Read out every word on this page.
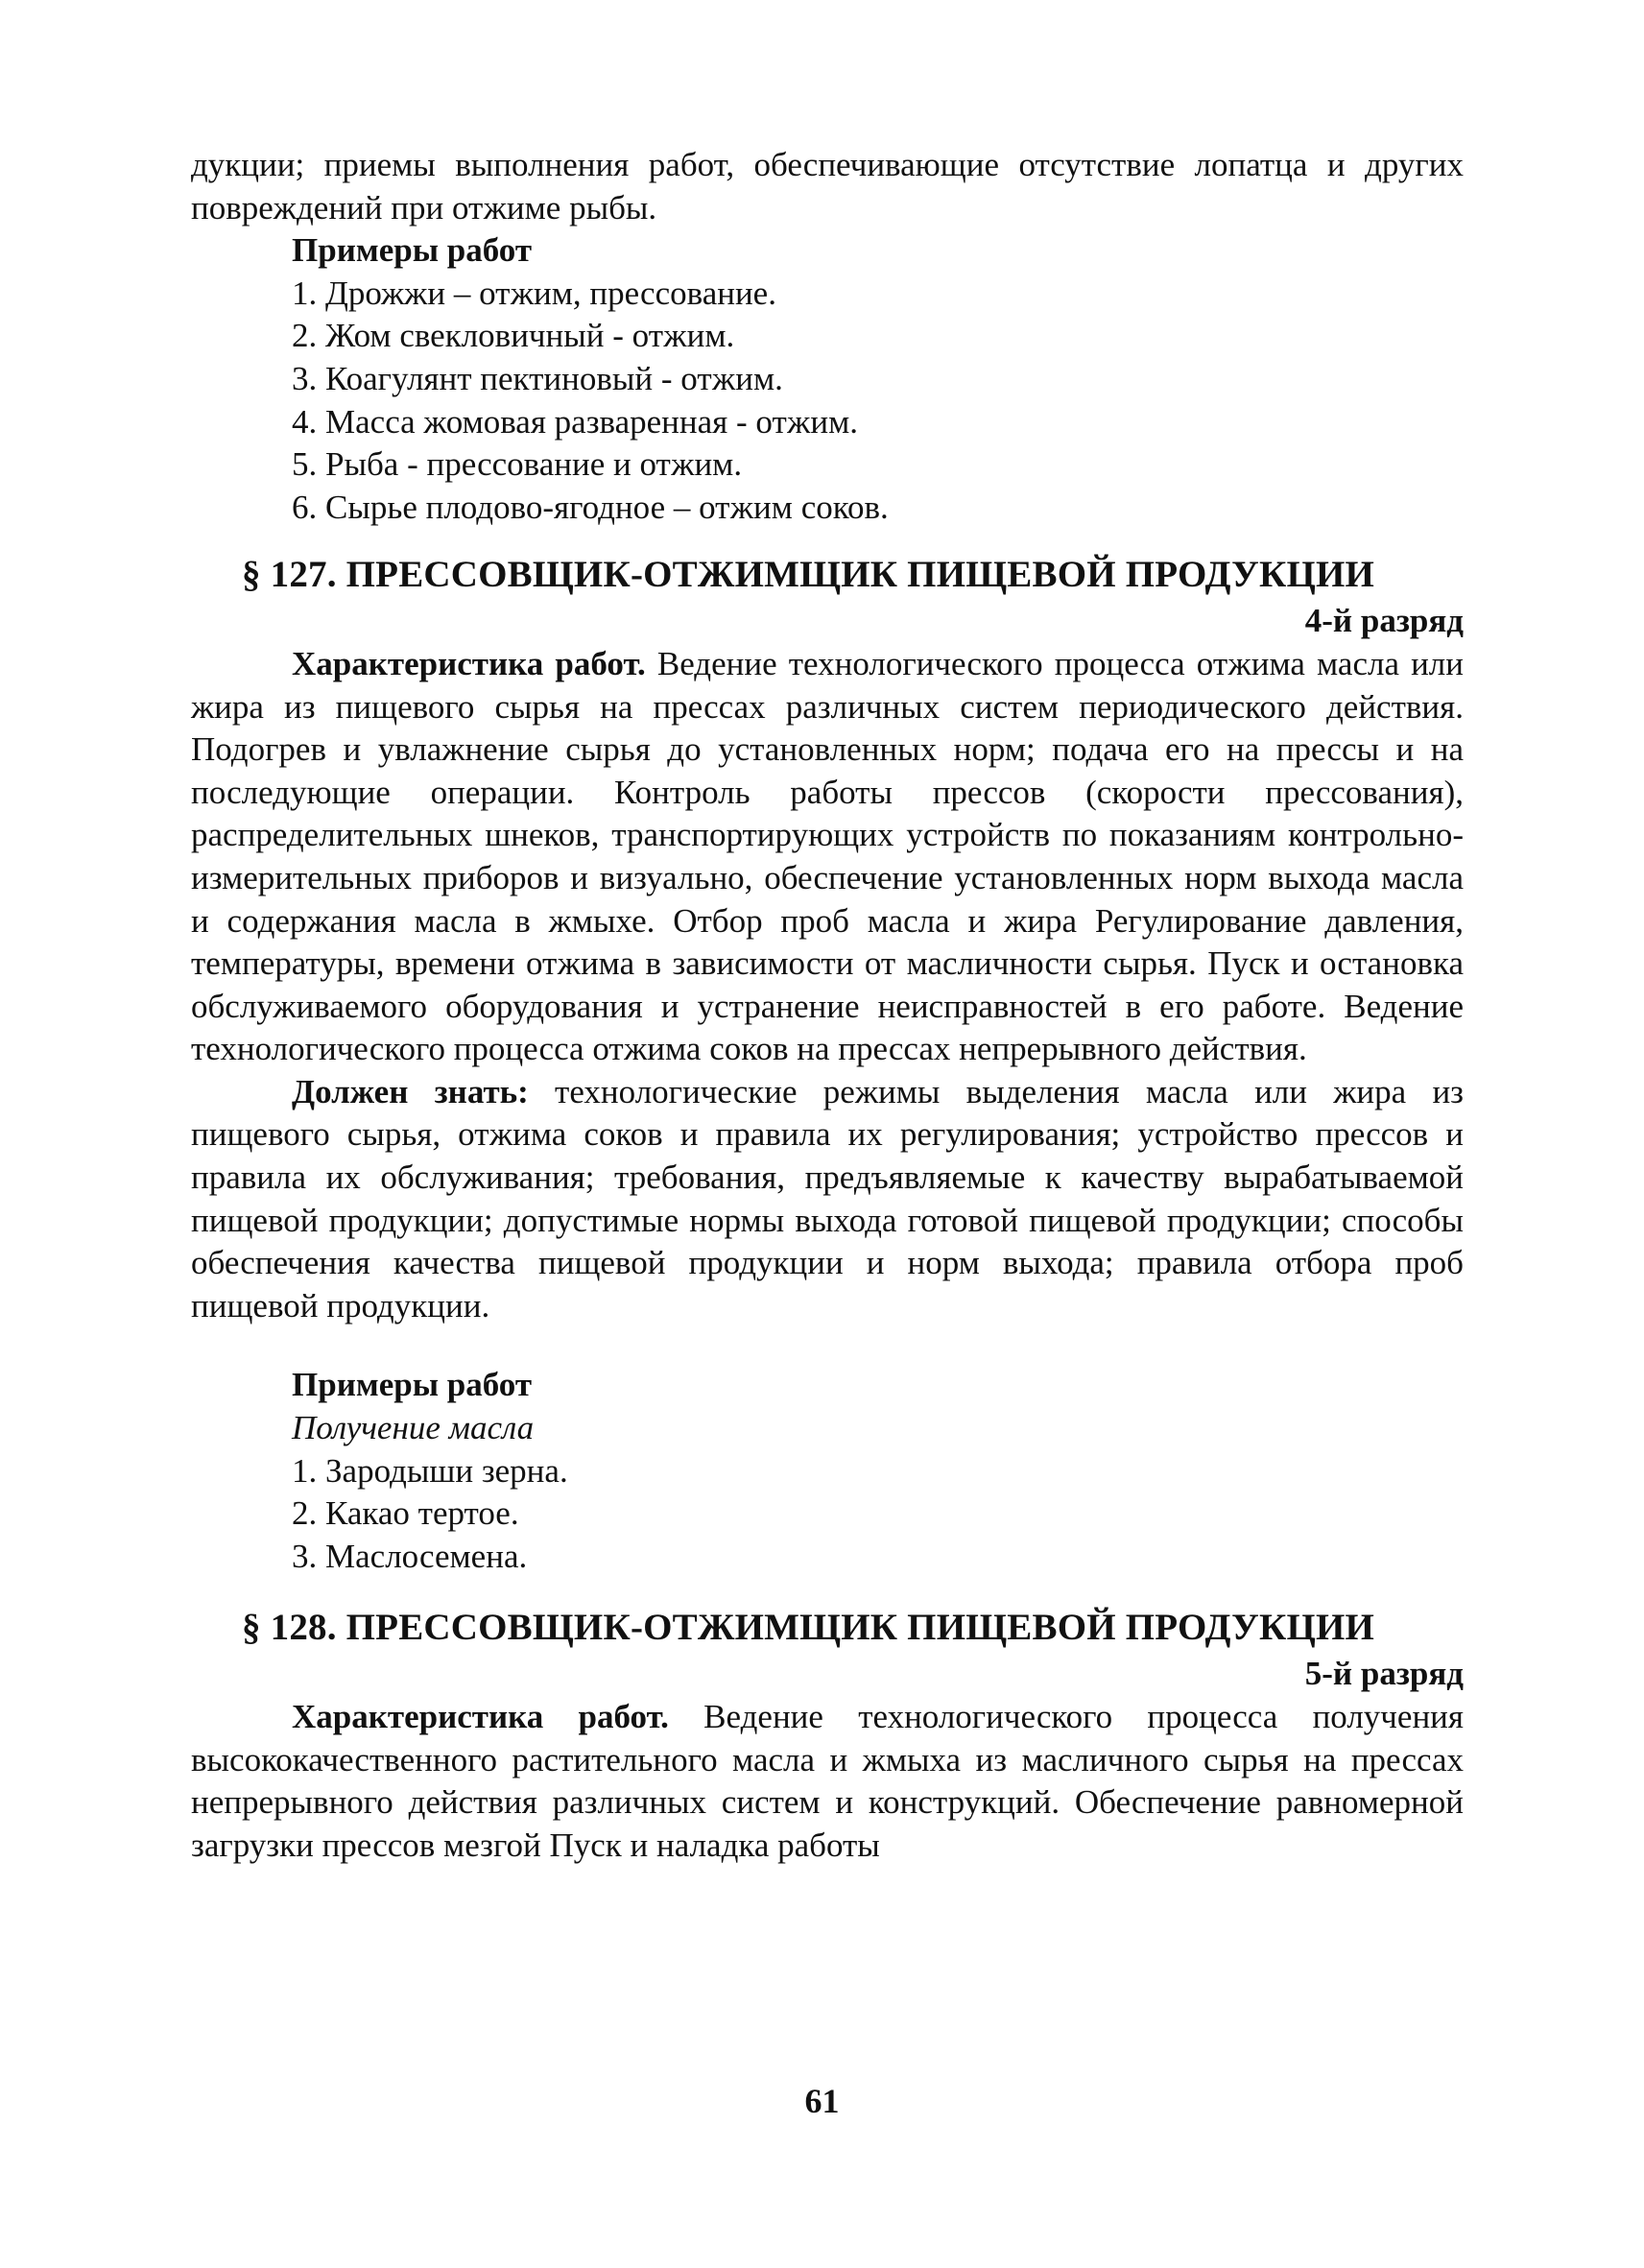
дукции; приемы выполнения работ, обеспечивающие отсутствие лопатца и других повреждений при отжиме рыбы.

Примеры работ

1. Дрожжи – отжим, прессование.
2. Жом свекловичный - отжим.
3. Коагулянт пектиновый - отжим.
4. Масса жомовая разваренная - отжим.
5. Рыба - прессование и отжим.
6. Сырье плодово-ягодное – отжим соков.

§ 127. ПРЕССОВЩИК-ОТЖИМЩИК ПИЩЕВОЙ ПРОДУКЦИИ

4-й разряд

Характеристика работ. Ведение технологического процесса отжима масла или жира из пищевого сырья на прессах различных систем периодического действия. Подогрев и увлажнение сырья до установленных норм; подача его на прессы и на последующие операции. Контроль работы прессов (скорости прессования), распределительных шнеков, транспортирующих устройств по показаниям контрольно-измерительных приборов и визуально, обеспечение установленных норм выхода масла и содержания масла в жмыхе. Отбор проб масла и жира Регулирование давления, температуры, времени отжима в зависимости от масличности сырья. Пуск и остановка обслуживаемого оборудования и устранение неисправностей в его работе. Ведение технологического процесса отжима соков на прессах непрерывного действия.

Должен знать: технологические режимы выделения масла или жира из пищевого сырья, отжима соков и правила их регулирования; устройство прессов и правила их обслуживания; требования, предъявляемые к качеству вырабатываемой пищевой продукции; допустимые нормы выхода готовой пищевой продукции; способы обеспечения качества пищевой продукции и норм выхода; правила отбора проб пищевой продукции.

Примеры работ

Получение масла

1. Зародыши зерна.
2. Какао тертое.
3. Маслосемена.

§ 128. ПРЕССОВЩИК-ОТЖИМЩИК ПИЩЕВОЙ ПРОДУКЦИИ

5-й разряд

Характеристика работ. Ведение технологического процесса получения высококачественного растительного масла и жмыха из масличного сырья на прессах непрерывного действия различных систем и конструкций. Обеспечение равномерной загрузки прессов мезгой Пуск и наладка работы

61
